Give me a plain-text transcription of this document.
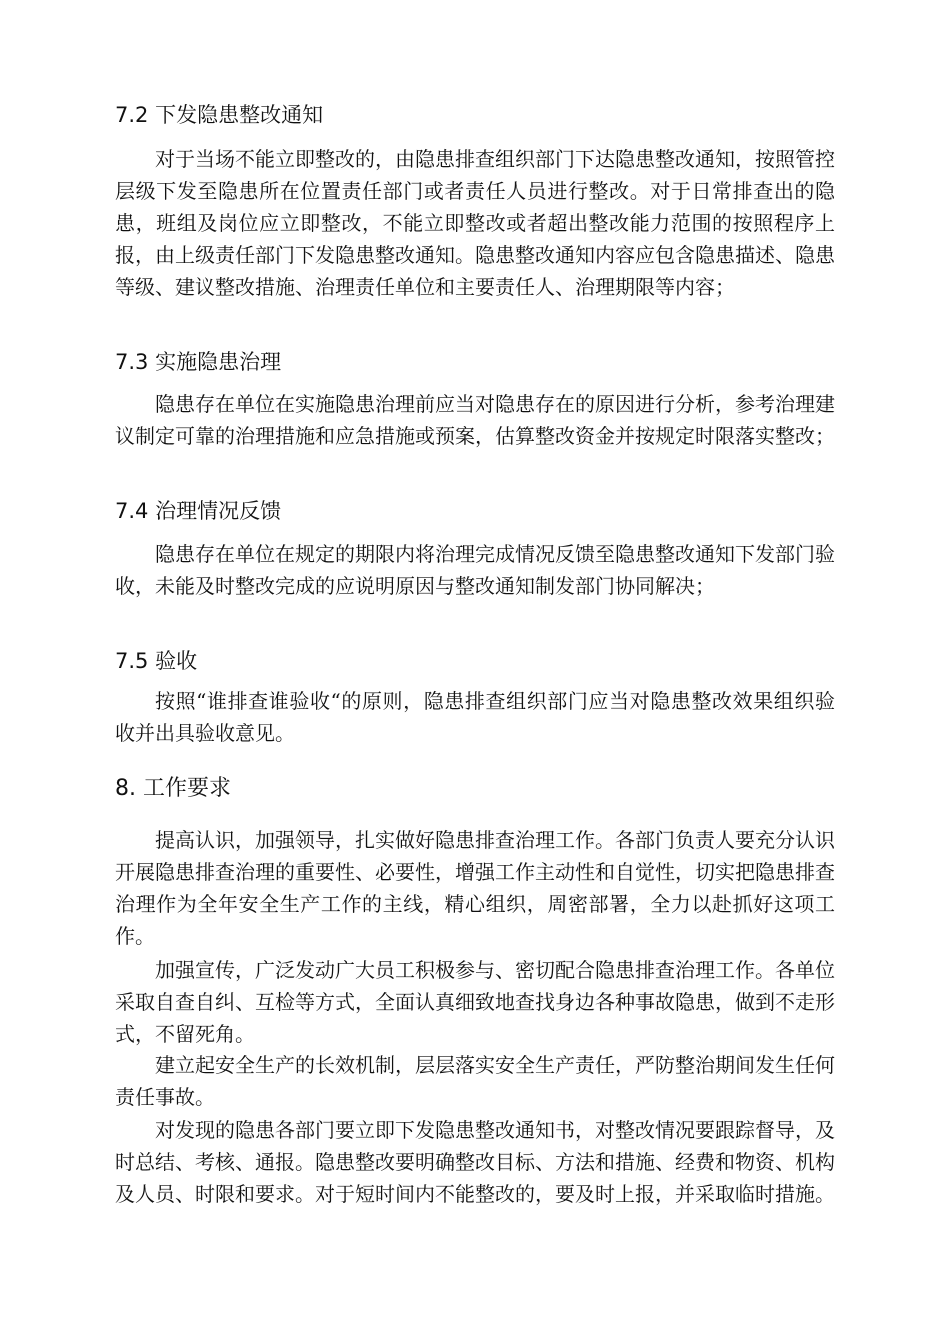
7.2 下发隐患整改通知

对于当场不能立即整改的，由隐患排查组织部门下达隐患整改通知，按照管控层级下发至隐患所在位置责任部门或者责任人员进行整改。对于日常排查出的隐患，班组及岗位应立即整改，不能立即整改或者超出整改能力范围的按照程序上报，由上级责任部门下发隐患整改通知。隐患整改通知内容应包含隐患描述、隐患等级、建议整改措施、治理责任单位和主要责任人、治理期限等内容；

7.3 实施隐患治理

隐患存在单位在实施隐患治理前应当对隐患存在的原因进行分析，参考治理建议制定可靠的治理措施和应急措施或预案，估算整改资金并按规定时限落实整改；

7.4 治理情况反馈

隐患存在单位在规定的期限内将治理完成情况反馈至隐患整改通知下发部门验收，未能及时整改完成的应说明原因与整改通知制发部门协同解决；

7.5 验收

按照“谁排查谁验收“的原则，隐患排查组织部门应当对隐患整改效果组织验收并出具验收意见。

8. 工作要求

提高认识，加强领导，扎实做好隐患排查治理工作。各部门负责人要充分认识开展隐患排查治理的重要性、必要性，增强工作主动性和自觉性，切实把隐患排查治理作为全年安全生产工作的主线，精心组织，周密部署，全力以赴抓好这项工作。

加强宣传，广泛发动广大员工积极参与、密切配合隐患排查治理工作。各单位采取自查自纠、互检等方式，全面认真细致地查找身边各种事故隐患，做到不走形式，不留死角。

建立起安全生产的长效机制，层层落实安全生产责任，严防整治期间发生任何责任事故。

对发现的隐患各部门要立即下发隐患整改通知书，对整改情况要跟踪督导，及时总结、考核、通报。隐患整改要明确整改目标、方法和措施、经费和物资、机构及人员、时限和要求。对于短时间内不能整改的，要及时上报，并采取临时措施。
